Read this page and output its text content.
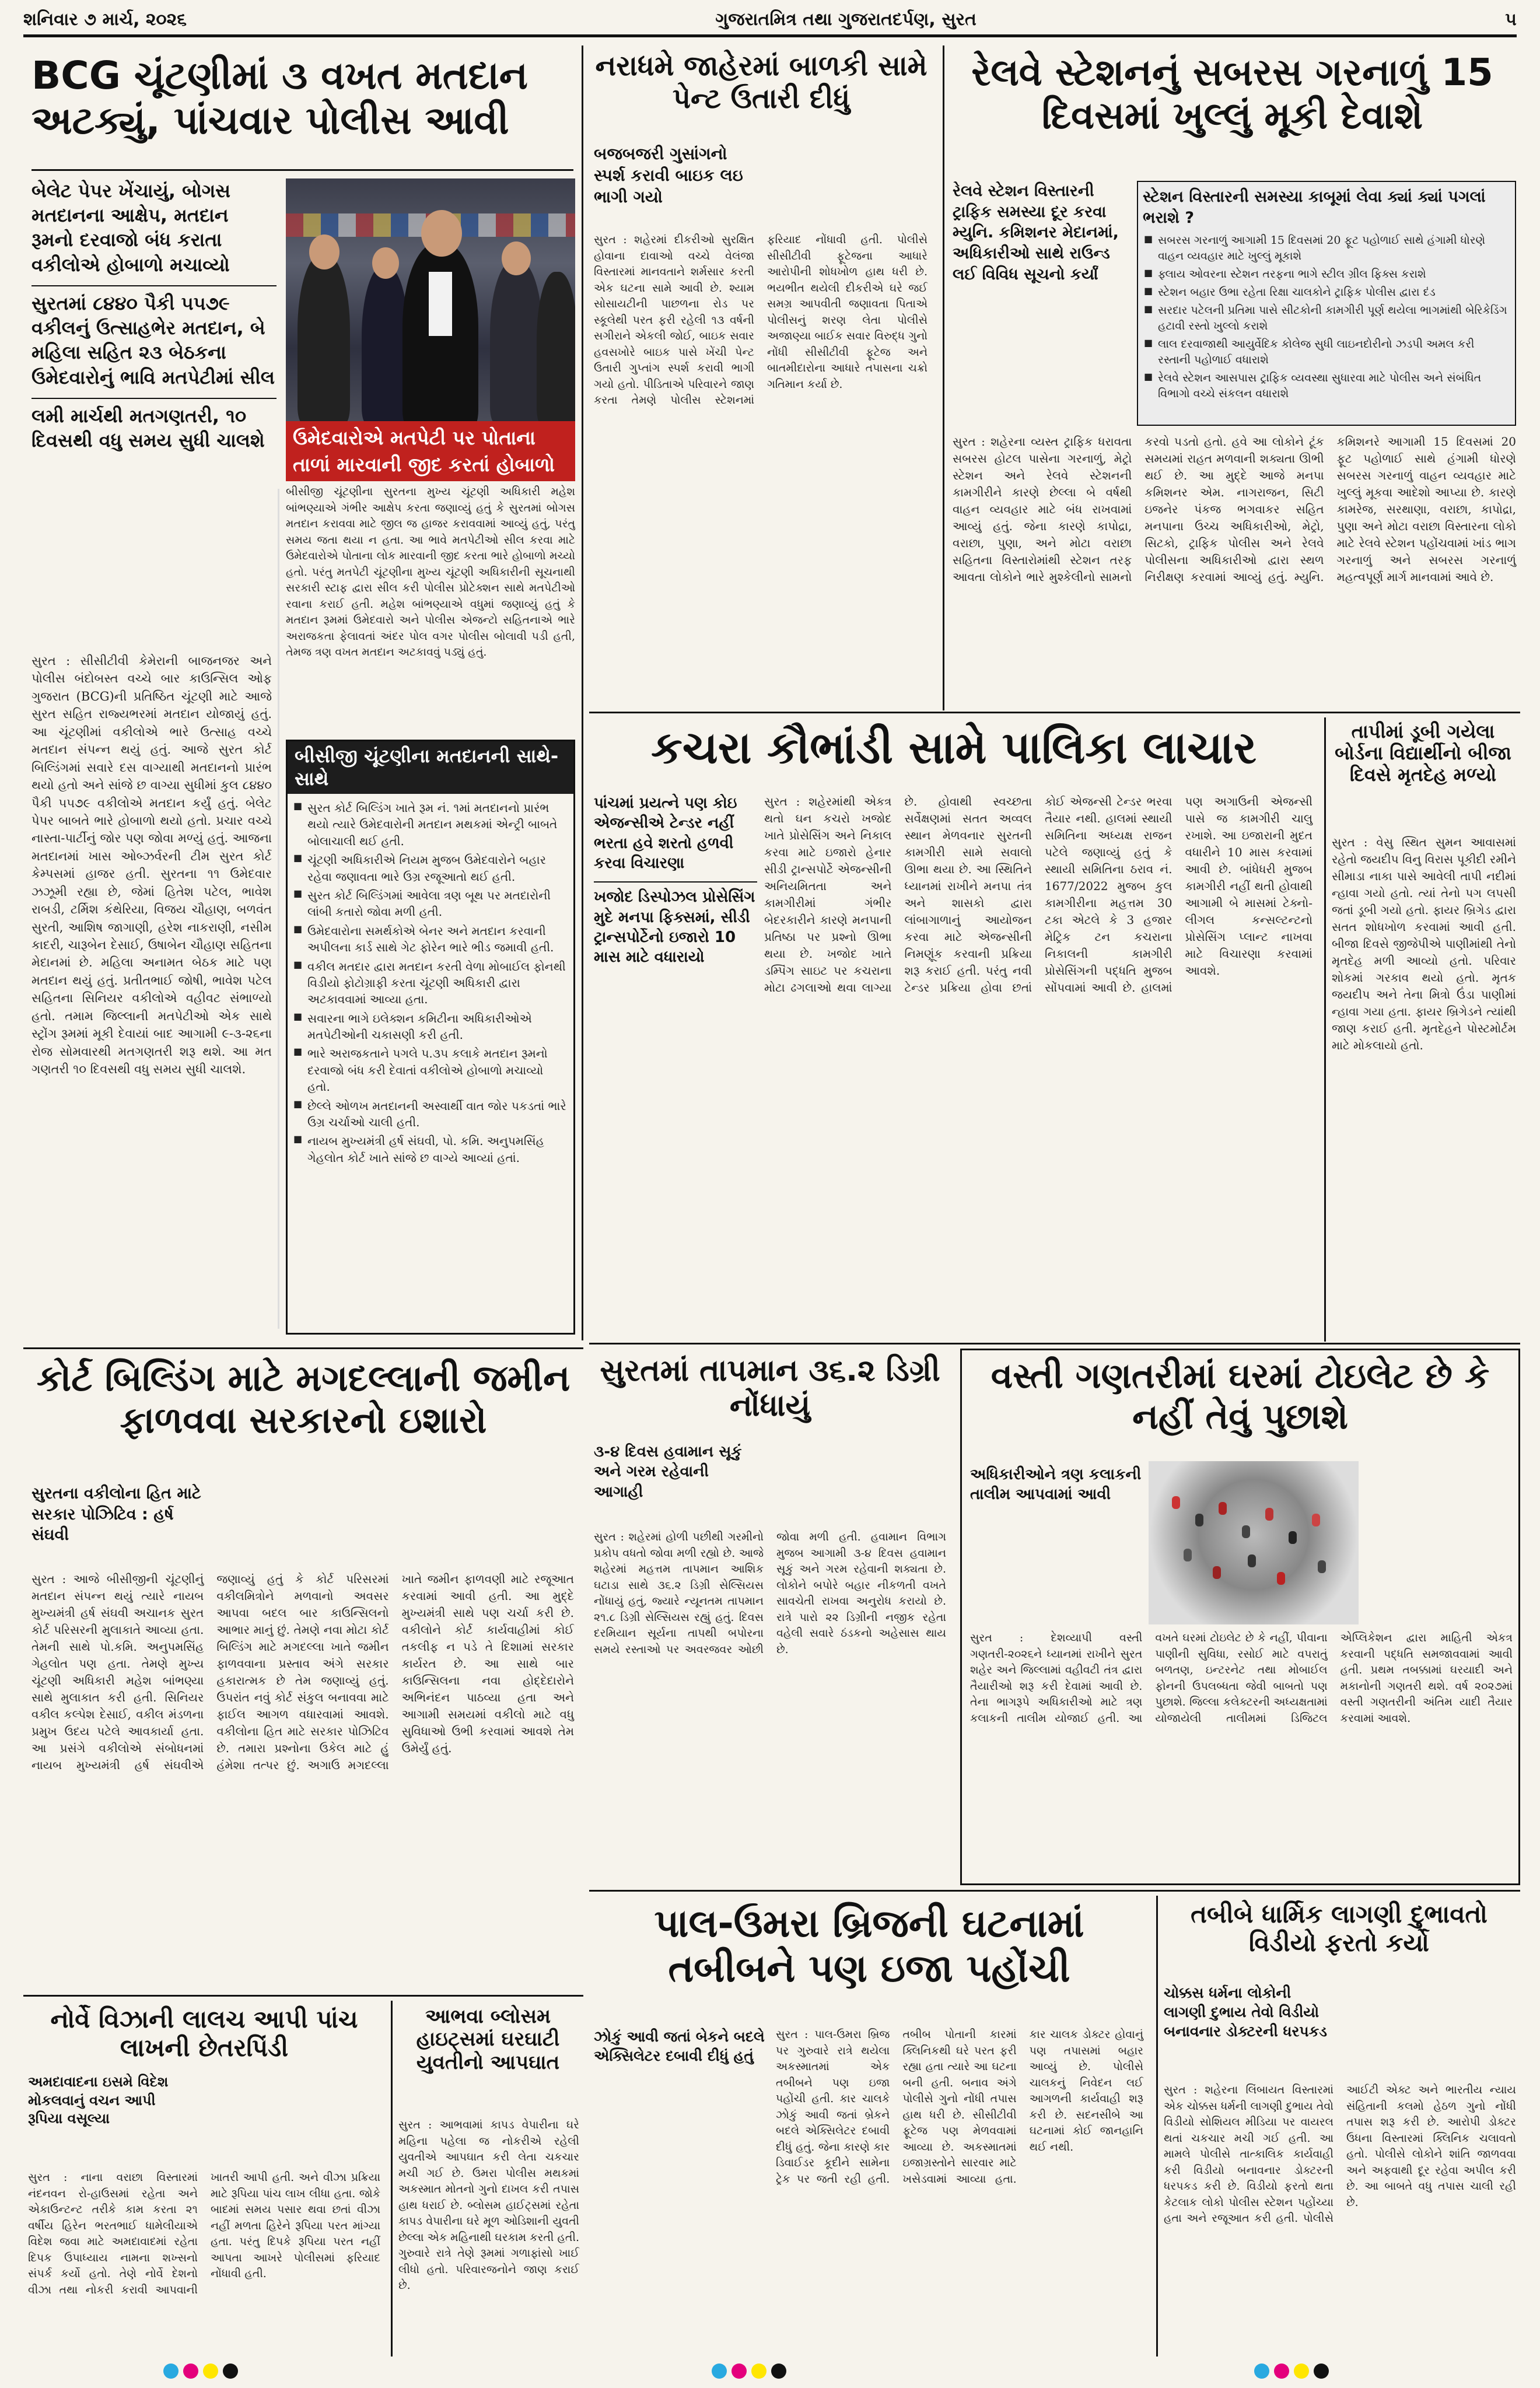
શનિવાર ૭ માર્ચ, ૨૦૨૬	ગુજરાતમિત્ર તથા ગુજરાતદર્પણ, સુરત	૫
BCG ચૂંટણીમાં ૩ વખત મતદાન અટક્યું, પાંચવાર પોલીસ આવી
બેલેટ પેપર ખેંચાયું, બોગસ મતદાનના આક્ષેપ, મતદાન રૂમનો દરવાજો બંધ કરાતા વકીલોએ હોબાળો મચાવ્યો
સુરતમાં ૮૪૪૦ પૈકી ૫૫૭૯ વકીલનું ઉત્સાહભેર મતદાન, બે મહિલા સહિત ૨૩ બેઠકના ઉમેદવારોનું ભાવિ મતપેટીમાં સીલ
લમી માર્ચથી મતગણતરી, ૧૦ દિવસથી વધુ સમય સુધી ચાલશે	ઉમેદવારોએ મતપેટી પર પોતાના તાળાં મારવાની જીદ કરતાં હોબાળો
બીસીજી ચૂંટણીના સુરતના મુખ્ય ચૂંટણી અધિકારી મહેશ બાંભણ્યાએ ગંભીર આક્ષેપ કરતા જણાવ્યું હતું કે સુરતમાં બોગસ મતદાન કરાવવા માટે જીલ જ હાજર કરાવવામાં આવ્યું હતું, પરંતુ સમય જતા થયા ન હતા. આ ભાવે મતપેટીઓ સીલ કરવા માટે ઉમેદવારોએ પોતાના લોક મારવાની જીદ કરતા ભારે હોબાળો મચ્યો હતો. પરંતુ મતપેટી ચૂંટણીના મુખ્ય ચૂંટણી અધિકારીની સૂચનાથી સરકારી સ્ટાફ દ્વારા સીલ કરી પોલીસ પ્રોટેક્શન સાથે મતપેટીઓ રવાના કરાઈ હતી. મહેશ બાંભણ્યાએ વધુમાં જણાવ્યું હતું કે મતદાન રૂમમાં ઉમેદવારો અને પોલીસ એજન્ટો સહિતનાએ ભારે અરાજકતા ફેલાવતાં અંદર પોલ વગર પોલીસ બોલાવી પડી હતી, તેમજ ત્રણ વખત મતદાન અટકાવવું પડ્યું હતું.
સુરત : સીસીટીવી કેમેરાની બાજનજર અને પોલીસ બંદોબસ્ત વચ્ચે બાર કાઉન્સિલ ઓફ ગુજરાત (BCG)ની પ્રતિષ્ઠિત ચૂંટણી માટે આજે સુરત સહિત રાજ્યભરમાં મતદાન યોજાયું હતું. આ ચૂંટણીમાં વકીલોએ ભારે ઉત્સાહ વચ્ચે મતદાન સંપન્ન થયું હતું. આજે સુરત કોર્ટ બિલ્ડિંગમાં સવારે દસ વાગ્યાથી મતદાનનો પ્રારંભ થયો હતો અને સાંજે છ વાગ્યા સુધીમાં કુલ ૮૪૪૦ પૈકી ૫૫૭૯ વકીલોએ મતદાન કર્યું હતું. બેલેટ પેપર બાબતે ભારે હોબાળો થયો હતો. પ્રચાર વચ્ચે નાસ્તા-પાર્ટીનું જોર પણ જોવા મળ્યું હતું. આજના મતદાનમાં ખાસ ઓબ્ઝર્વરની ટીમ સુરત કોર્ટ કેમ્પસમાં હાજર હતી. સુરતના ૧૧ ઉમેદવાર ઝઝૂમી રહ્યા છે, જેમાં હિતેશ પટેલ, ભાવેશ રાબડી, ટર્મિશ કંથેરિયા, વિજય ચૌહાણ, બળવંત સુરતી, આશિષ જાગાણી, હરેશ નાકરાણી, નસીમ કાદરી, ચારૂબેન દેસાઈ, ઉષાબેન ચૌહાણ સહિતના મેદાનમાં છે. મહિલા અનામત બેઠક માટે પણ મતદાન થયું હતું. પ્રતીતભાઈ જોષી, ભાવેશ પટેલ સહિતના સિનિયર વકીલોએ વહીવટ સંભાળ્યો હતો. તમામ જિલ્લાની મતપેટીઓ એક સાથે સ્ટ્રોંગ રૂમમાં મૂકી દેવાયાં બાદ આગામી ૯-૩-૨૬ના રોજ સોમવારથી મતગણતરી શરૂ થશે. આ મત ગણતરી ૧૦ દિવસથી વધુ સમય સુધી ચાલશે.
બીસીજી ચૂંટણીના મતદાનની સાથે-સાથે
■ સુરત કોર્ટ બિલ્ડિંગ ખાતે રૂમ નં. ૧માં મતદાનનો પ્રારંભ થયો ત્યારે ઉમેદવારોની મતદાન મથકમાં એન્ટ્રી બાબતે બોલાચાલી થઈ હતી.
■ ચૂંટણી અધિકારીએ નિયમ મુજબ ઉમેદવારોને બહાર રહેવા જણાવતા ભારે ઉગ્ર રજૂઆતો થઈ હતી.
■ સુરત કોર્ટ બિલ્ડિંગમાં આવેલા ત્રણ બૂથ પર મતદારોની લાંબી કતારો જોવા મળી હતી.
■ ઉમેદવારોના સમર્થકોએ બેનર અને મતદાન કરવાની અપીલના કાર્ડ સાથે ગેટ ફોરેન ભારે ભીડ જમાવી હતી.
■ વકીલ મતદાર દ્વારા મતદાન કરતી વેળા મોબાઈલ ફોનથી વિડીયો ફોટોગ્રાફી કરતા ચૂંટણી અધિકારી દ્વારા અટકાવવામાં આવ્યા હતા.
■ સવારના ભાગે ઇલેક્શન કમિટીના અધિકારીઓએ મતપેટીઓની ચકાસણી કરી હતી.
■ ભારે અરાજકતાને પગલે પ.૩૫ કલાકે મતદાન રૂમનો દરવાજો બંધ કરી દેવાતાં વકીલોએ હોબાળો મચાવ્યો હતો.
■ છેલ્લે ઓળખ મતદાનની અસ્વાર્થી વાત જોર પકડતાં ભારે ઉગ્ર ચર્ચાઓ ચાલી હતી.
■ નાયબ મુખ્યમંત્રી હર્ષ સંઘવી, પો. કમિ. અનુપમસિંહ ગેહલોત કોર્ટ ખાતે સાંજે છ વાગ્યે આવ્યાં હતાં.
નરાધમે જાહેરમાં બાળકી સામે પેન્ટ ઉતારી દીધું
બજબજરી ગુસાંગનો સ્પર્શ કરાવી બાઇક લઇ ભાગી ગયો
સુરત : શહેરમાં દીકરીઓ સુરક્ષિત હોવાના દાવાઓ વચ્ચે વેલંજા વિસ્તારમાં માનવતાને શર્મસાર કરતી એક ઘટના સામે આવી છે. શ્યામ સોસાયટીની પાછળના રોડ પર સ્કૂલેથી પરત ફરી રહેલી ૧૩ વર્ષની સગીરાને એકલી જોઈ, બાઇક સવાર હવસખોરે બાઇક પાસે ખેંચી પેન્ટ ઉતારી ગુપ્તાંગ સ્પર્શ કરાવી ભાગી ગયો હતો. પીડિતાએ પરિવારને જાણ કરતા તેમણે પોલીસ સ્ટેશનમાં ફરિયાદ નોંધાવી હતી. પોલીસે સીસીટીવી ફૂટેજના આધારે આરોપીની શોધખોળ હાથ ધરી છે. ભયભીત થયેલી દીકરીએ ઘરે જઈ સમગ્ર આપવીતી જણાવતા પિતાએ પોલીસનું શરણ લેતા પોલીસે અજાણ્યા બાઈક સવાર વિરુદ્ધ ગુનો નોંધી સીસીટીવી ફૂટેજ અને બાતમીદારોના આધારે તપાસના ચક્રો ગતિમાન કર્યા છે.
રેલવે સ્ટેશનનું સબરસ ગરનાળું 15 દિવસમાં ખુલ્લું મૂકી દેવાશે
રેલવે સ્ટેશન વિસ્તારની ટ્રાફિક સમસ્યા દૂર કરવા મ્યુનિ. કમિશનર મેદાનમાં, અધિકારીઓ સાથે રાઉન્ડ લઈ વિવિધ સૂચનો કર્યાં
સ્ટેશન વિસ્તારની સમસ્યા કાબૂમાં લેવા ક્યાં ક્યાં પગલાં ભરાશે ?
■ સબરસ ગરનાળું આગામી 15 દિવસમાં 20 ફૂટ પહોળાઈ સાથે હંગામી ધોરણે વાહન વ્યવહાર માટે ખુલ્લું મૂકાશે
■ ફ્લાય ઓવરના સ્ટેશન તરફના ભાગે સ્ટીલ ગ્રીલ ફિક્સ કરાશે
■ સ્ટેશન બહાર ઉભા રહેતા રિક્ષા ચાલકોને ટ્રાફિક પોલીસ દ્વારા દંડ
■ સરદાર પટેલની પ્રતિમા પાસે સીટકોની કામગીરી પૂર્ણ થયેલા ભાગમાંથી બેરિકેડિંગ હટાવી રસ્તો ખુલ્લો કરાશે
■ લાલ દરવાજાથી આયુર્વેદિક કોલેજ સુધી લાઇનદોરીનો ઝડપી અમલ કરી રસ્તાની પહોળાઈ વધારાશે
■ રેલવે સ્ટેશન આસપાસ ટ્રાફિક વ્યવસ્થા સુધારવા માટે પોલીસ અને સંબંધિત વિભાગો વચ્ચે સંકલન વધારાશે
સુરત : શહેરના વ્યસ્ત ટ્રાફિક ધરાવતા સબરસ હોટલ પાસેના ગરનાળું, મેટ્રો સ્ટેશન અને રેલવે સ્ટેશનની કામગીરીને કારણે છેલ્લા બે વર્ષથી વાહન વ્યવહાર માટે બંધ રાખવામાં આવ્યું હતું. જેના કારણે કાપોદ્રા, વરાછા, પુણા, અને મોટા વરાછા સહિતના વિસ્તારોમાંથી સ્ટેશન તરફ આવતા લોકોને ભારે મુશ્કેલીનો સામનો કરવો પડતો હતો. હવે આ લોકોને ટૂંક સમયમાં રાહત મળવાની શક્યતા ઊભી થઈ છે. આ મુદ્દે આજે મનપા કમિશનર એમ. નાગરાજન, સિટી ઇજનેર પંકજ ભગવાકર સહિત મનપાના ઉચ્ચ અધિકારીઓ, મેટ્રો, સિટકો, ટ્રાફિક પોલીસ અને રેલવે પોલીસના અધિકારીઓ દ્વારા સ્થળ નિરીક્ષણ કરવામાં આવ્યું હતું. મ્યુનિ. કમિશનરે આગામી 15 દિવસમાં 20 ફૂટ પહોળાઈ સાથે હંગામી ધોરણે સબરસ ગરનાળું વાહન વ્યવહાર માટે ખુલ્લું મૂકવા આદેશો આપ્યા છે. કારણે કામરેજ, સરથાણા, વરાછા, કાપોદ્રા, પુણા અને મોટા વરાછા વિસ્તારના લોકો માટે રેલવે સ્ટેશન પહોંચવામાં ખાંડ ભાગ ગરનાળું અને સબરસ ગરનાળું મહત્વપૂર્ણ માર્ગ માનવામાં આવે છે.
કચરા કૌભાંડી સામે પાલિકા લાચાર
પાંચમાં પ્રયત્ને પણ કોઇ એજન્સીએ ટેન્ડર નહીં ભરતા હવે શરતો હળવી કરવા વિચારણા
ખજોદ ડિસ્પોઝલ પ્રોસેસિંગ મુદે મનપા ફિક્સમાં, સીડી ટ્રાન્સપોર્ટેનો ઇજારો 10 માસ માટે વધારાયો
સુરત : શહેરમાંથી એકત્ર થતો ઘન કચરો ખજોદ ખાતે પ્રોસેસિંગ અને નિકાલ કરવા માટે ઇજારો હેનાર સીડી ટ્રાન્સપોર્ટે એજન્સીની અનિયમિતતા અને કામગીરીમાં ગંભીર બેદરકારીને કારણે મનપાની પ્રતિષ્ઠા પર પ્રશ્નો ઊભા થયા છે. ખજોદ ખાતે ડમ્પિંગ સાઇટ પર કચરાના મોટા ઢગલાઓ થવા લાગ્યા છે. હોવાથી સ્વચ્છતા સર્વેક્ષણમાં સતત અવ્વલ સ્થાન મેળવનાર સુરતની કામગીરી સામે સવાલો ઊભા થયા છે. આ સ્થિતિને ધ્યાનમાં રાખીને મનપા તંત્ર અને શાસકો દ્વારા લાંબાગાળાનું આયોજન કરવા માટે એજન્સીની નિમણૂંક કરવાની પ્રક્રિયા શરૂ કરાઈ હતી. પરંતુ નવી ટેન્ડર પ્રક્રિયા હોવા છતાં કોઈ એજન્સી ટેન્ડર ભરવા તૈયાર નથી. હાલમાં સ્થાયી સમિતિના અધ્યક્ષ રાજન પટેલે જણાવ્યું હતું કે સ્થાયી સમિતિના ઠરાવ નં. 1677/2022 મુજબ કુલ કામગીરીના મહત્તમ 30 ટકા એટલે કે 3 હજાર મેટ્રિક ટન કચરાના નિકાલની કામગીરી પ્રોસેસિંગની પદ્ધતિ મુજબ સોંપવામાં આવી છે. હાલમાં પણ અગાઉની એજન્સી પાસે જ કામગીરી ચાલુ રખાશે. આ ઇજારાની મુદત વધારીને 10 માસ કરવામાં આવી છે. બાંધેધરી મુજબ કામગીરી નહીં થતી હોવાથી આગામી બે માસમાં ટેક્નો-લીગલ કન્સલ્ટન્ટનો પ્રોસેસિંગ પ્લાન્ટ નાખવા માટે વિચારણા કરવામાં આવશે.
તાપીમાં ડૂબી ગયેલા બોર્ડના વિદ્યાર્થીનો બીજા દિવસે મૃતદેહ મળ્યો
સુરત : વેસુ સ્થિત સુમન આવાસમાં રહેતો જયદીપ વિનુ વિરાસ પૂકીદી રમીને સીમાડા નાકા પાસે આવેલી તાપી નદીમાં ન્હાવા ગયો હતો. ત્યાં તેનો પગ લપસી જતાં ડૂબી ગયો હતો. ફાયર બ્રિગેડ દ્વારા સતત શોધખોળ કરવામાં આવી હતી. બીજા દિવસે જીજેપીએ પાણીમાંથી તેનો મૃતદેહ મળી આવ્યો હતો. પરિવાર શોકમાં ગરકાવ થયો હતો. મૃતક જયદીપ અને તેના મિત્રો ઉંડા પાણીમાં ન્હાવા ગયા હતા. ફાયર બ્રિગેડને ત્યાંથી જાણ કરાઈ હતી. મૃતદેહને પોસ્ટમોર્ટમ માટે મોકલાયો હતો.
સુરતમાં તાપમાન ૩૬.૨ ડિગ્રી નોંધાયું
૩-૪ દિવસ હવામાન સૂકું અને ગરમ રહેવાની આગાહી
સુરત : શહેરમાં હોળી પછીથી ગરમીનો પ્રકોપ વધતો જોવા મળી રહ્યો છે. આજે શહેરમાં મહત્તમ તાપમાન આશિક ઘટાડા સાથે ૩૬.૨ ડિગ્રી સેલ્સિયસ નોંધાયું હતું, જ્યારે ન્યૂનતમ તાપમાન ૨૧.૮ ડિગ્રી સેલ્સિયસ રહ્યું હતું. દિવસ દરમિયાન સૂર્યના તાપથી બપોરના સમયે રસ્તાઓ પર અવરજવર ઓછી જોવા મળી હતી. હવામાન વિભાગ મુજબ આગામી ૩-૪ દિવસ હવામાન સૂકું અને ગરમ રહેવાની શક્યતા છે. લોકોને બપોરે બહાર નીકળતી વખતે સાવચેતી રાખવા અનુરોધ કરાયો છે. રાત્રે પારો ૨૨ ડિગ્રીની નજીક રહેતા વહેલી સવારે ઠંડકનો અહેસાસ થાય છે.
વસ્તી ગણતરીમાં ઘરમાં ટોઇલેટ છે કે નહીં તેવું પુછાશે
અધિકારીઓને ત્રણ કલાકની તાલીમ આપવામાં આવી
સુરત : દેશવ્યાપી વસ્તી ગણતરી-૨૦૨૬ને ધ્યાનમાં રાખીને સુરત શહેર અને જિલ્લામાં વહીવટી તંત્ર દ્વારા તૈયારીઓ શરૂ કરી દેવામાં આવી છે. તેના ભાગરૂપે અધિકારીઓ માટે ત્રણ કલાકની તાલીમ યોજાઈ હતી. આ વખતે ઘરમાં ટોઇલેટ છે કે નહીં, પીવાના પાણીની સુવિધા, રસોઈ માટે વપરાતું બળતણ, ઇન્ટરનેટ તથા મોબાઈલ ફોનની ઉપલબ્ધતા જેવી બાબતો પણ પુછાશે. જિલ્લા કલેક્ટરની અધ્યક્ષતામાં યોજાયેલી તાલીમમાં ડિજિટલ એપ્લિકેશન દ્વારા માહિતી એકત્ર કરવાની પદ્ધતિ સમજાવવામાં આવી હતી. પ્રથમ તબક્કામાં ઘરયાદી અને મકાનોની ગણતરી થશે. વર્ષ ૨૦૨૭માં વસ્તી ગણતરીની અંતિમ યાદી તૈયાર કરવામાં આવશે.
કોર્ટ બિલ્ડિંગ માટે મગદલ્લાની જમીન ફાળવવા સરકારનો ઇશારો
સુરતના વકીલોના હિત માટે સરકાર પોઝિટિવ : હર્ષ સંઘવી
સુરત : આજે બીસીજીની ચૂંટણીનું મતદાન સંપન્ન થયું ત્યારે નાયબ મુખ્યમંત્રી હર્ષ સંઘવી અચાનક સુરત કોર્ટ પરિસરની મુલાકાતે આવ્યા હતા. તેમની સાથે પો.કમિ. અનુપમસિંહ ગેહલોત પણ હતા. તેમણે મુખ્ય ચૂંટણી અધિકારી મહેશ બાંભણ્યા સાથે મુલાકાત કરી હતી. સિનિયર વકીલ કલ્પેશ દેસાઈ, વકીલ મંડળના પ્રમુખ ઉદય પટેલે આવકાર્યા હતા. આ પ્રસંગે વકીલોએ સંબોધનમાં નાયબ મુખ્યમંત્રી હર્ષ સંઘવીએ જણાવ્યું હતું કે કોર્ટ પરિસરમાં વકીલમિત્રોને મળવાનો અવસર આપવા બદલ બાર કાઉન્સિલનો આભાર માનું છું. તેમણે નવા મોટા કોર્ટ બિલ્ડિંગ માટે મગદલ્લા ખાતે જમીન ફાળવવાના પ્રસ્તાવ અંગે સરકાર હકારાત્મક છે તેમ જણાવ્યું હતું. ઉપરાંત નવું કોર્ટ સંકુલ બનાવવા માટે ફાઈલ આગળ વધારવામાં આવશે. વકીલોના હિત માટે સરકાર પોઝિટિવ છે. તમારા પ્રશ્નોના ઉકેલ માટે હું હંમેશા તત્પર છું. અગાઉ મગદલ્લા ખાતે જમીન ફાળવણી માટે રજૂઆત કરવામાં આવી હતી. આ મુદ્દે મુખ્યમંત્રી સાથે પણ ચર્ચા કરી છે. વકીલોને કોર્ટ કાર્યવાહીમાં કોઈ તકલીફ ન પડે તે દિશામાં સરકાર કાર્યરત છે. આ સાથે બાર કાઉન્સિલના નવા હોદ્દેદારોને અભિનંદન પાઠવ્યા હતા અને આગામી સમયમાં વકીલો માટે વધુ સુવિધાઓ ઉભી કરવામાં આવશે તેમ ઉમેર્યું હતું.
નોર્વે વિઝાની લાલચ આપી પાંચ લાખની છેતરપિંડી
અમદાવાદના ઇસમે વિદેશ મોકલવાનું વચન આપી રૂપિયા વસૂલ્યા
સુરત : નાના વરાછા વિસ્તારમાં નંદનવન રો-હાઉસમાં રહેતા અને એકાઉન્ટન્ટ તરીકે કામ કરતા ૨૧ વર્ષીય હિરેન ભરતભાઈ ધામેલીયાએ વિદેશ જવા માટે અમદાવાદમાં રહેતા દિપક ઉપાધ્યાય નામના શખ્સનો સંપર્ક કર્યો હતો. તેણે નોર્વે દેશનો વીઝા તથા નોકરી કરાવી આપવાની ખાતરી આપી હતી. અને વીઝા પ્રક્રિયા માટે રૂપિયા પાંચ લાખ લીધા હતા. જોકે બાદમાં સમય પસાર થવા છતાં વીઝા નહીં મળતા હિરેને રૂપિયા પરત માંગ્યા હતા. પરંતુ દિપકે રૂપિયા પરત નહીં આપતા આખરે પોલીસમાં ફરિયાદ નોંધાવી હતી.
આભવા બ્લોસમ હાઇટ્સમાં ઘરઘાટી યુવતીનો આપઘાત
સુરત : આભવામાં કાપડ વેપારીના ઘરે મહિના પહેલા જ નોકરીએ રહેલી યુવતીએ આપઘાત કરી લેતા ચકચાર મચી ગઈ છે. ઉમરા પોલીસ મથકમાં અકસ્માત મોતનો ગુનો દાખલ કરી તપાસ હાથ ધરાઈ છે. બ્લોસમ હાઈટ્સમાં રહેતા કાપડ વેપારીના ઘરે મૂળ ઓડિશાની યુવતી છેલ્લા એક મહિનાથી ઘરકામ કરતી હતી. ગુરુવારે રાત્રે તેણે રૂમમાં ગળાફાંસો ખાઈ લીધો હતો. પરિવારજનોને જાણ કરાઈ છે.
પાલ-ઉમરા બ્રિજની ઘટનામાં તબીબને પણ ઇજા પહોંચી
ઝોકું આવી જતાં બેકને બદલે એક્સિલેટર દબાવી દીધું હતું
સુરત : પાલ-ઉમરા બ્રિજ પર ગુરુવારે રાત્રે થયેલા અકસ્માતમાં એક તબીબને પણ ઇજા પહોંચી હતી. કાર ચાલકે ઝોકું આવી જતાં બ્રેકને બદલે એક્સિલેટર દબાવી દીધું હતું. જેના કારણે કાર ડિવાઈડર કૂદીને સામેના ટ્રેક પર જતી રહી હતી. તબીબ પોતાની કારમાં ક્લિનિકથી ઘરે પરત ફરી રહ્યા હતા ત્યારે આ ઘટના બની હતી. બનાવ અંગે પોલીસે ગુનો નોંધી તપાસ હાથ ધરી છે. સીસીટીવી ફૂટેજ પણ મેળવવામાં આવ્યા છે. અકસ્માતમાં ઇજાગ્રસ્તોને સારવાર માટે ખસેડવામાં આવ્યા હતા. કાર ચાલક ડોક્ટર હોવાનું પણ તપાસમાં બહાર આવ્યું છે. પોલીસે ચાલકનું નિવેદન લઈ આગળની કાર્યવાહી શરૂ કરી છે. સદનસીબે આ ઘટનામાં કોઈ જાનહાનિ થઈ નથી.
તબીબે ધાર્મિક લાગણી દુભાવતો વિડીયો ફરતો કર્યો
ચોક્કસ ધર્મના લોકોની લાગણી દુભાય તેવો વિડીયો બનાવનાર ડોક્ટરની ધરપકડ
સુરત : શહેરના લિંબાયત વિસ્તારમાં એક ચોક્કસ ધર્મની લાગણી દુભાય તેવો વિડીયો સોશિયલ મીડિયા પર વાયરલ થતાં ચકચાર મચી ગઈ હતી. આ મામલે પોલીસે તાત્કાલિક કાર્યવાહી કરી વિડીયો બનાવનાર ડોક્ટરની ધરપકડ કરી છે. વિડીયો ફરતો થતા કેટલાક લોકો પોલીસ સ્ટેશન પહોંચ્યા હતા અને રજૂઆત કરી હતી. પોલીસે આઈટી એક્ટ અને ભારતીય ન્યાય સંહિતાની કલમો હેઠળ ગુનો નોંધી તપાસ શરૂ કરી છે. આરોપી ડોક્ટર ઉધના વિસ્તારમાં ક્લિનિક ચલાવતો હતો. પોલીસે લોકોને શાંતિ જાળવવા અને અફવાથી દૂર રહેવા અપીલ કરી છે. આ બાબતે વધુ તપાસ ચાલી રહી છે.
